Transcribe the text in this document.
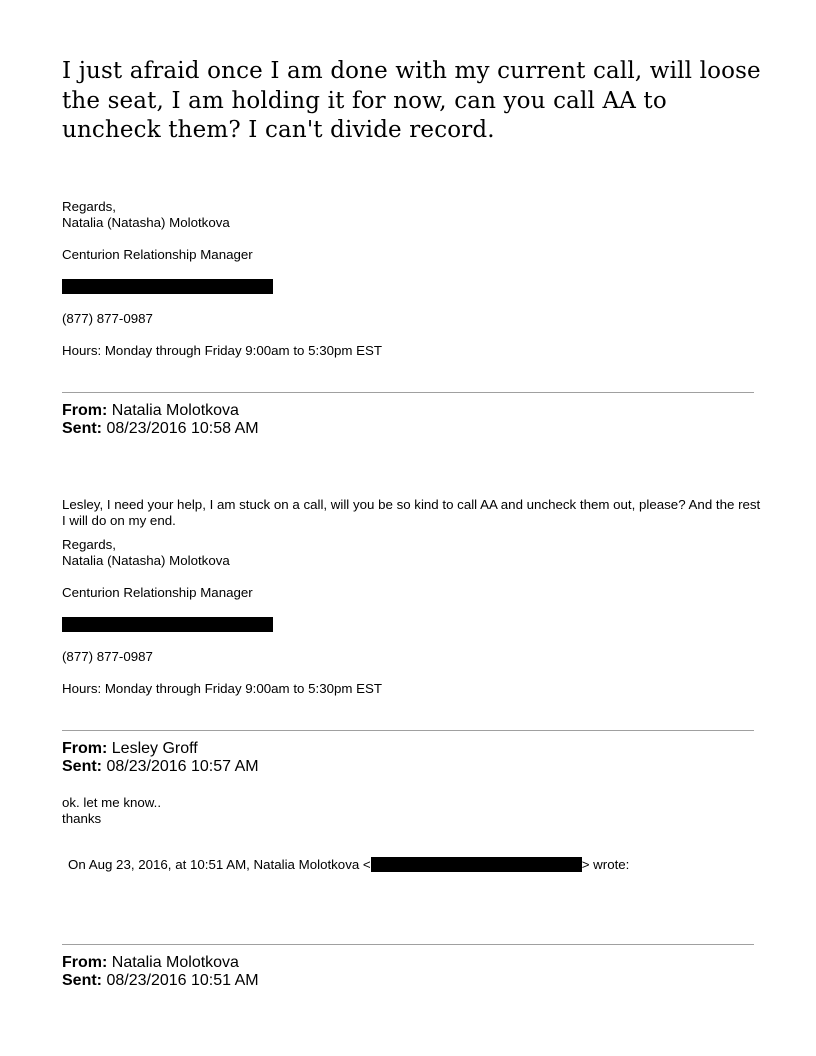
I just afraid once I am done with my current call, will loose the seat, I am holding it for now, can you call AA to uncheck them? I can't divide record.

Regards,
Natalia (Natasha) Molotkova
Centurion Relationship Manager
(877) 877-0987
Hours: Monday through Friday 9:00am to 5:30pm EST
From: Natalia Molotkova
Sent: 08/23/2016 10:58 AM

Lesley, I need your help, I am stuck on a call, will you be so kind to call AA and uncheck them out, please? And the rest I will do on my end.

Regards,
Natalia (Natasha) Molotkova
Centurion Relationship Manager
(877) 877-0987
Hours: Monday through Friday 9:00am to 5:30pm EST
From: Lesley Groff
Sent: 08/23/2016 10:57 AM
ok. let me know..
thanks
On Aug 23, 2016, at 10:51 AM, Natalia Molotkova <	> wrote:
From: Natalia Molotkova
Sent: 08/23/2016 10:51 AM
